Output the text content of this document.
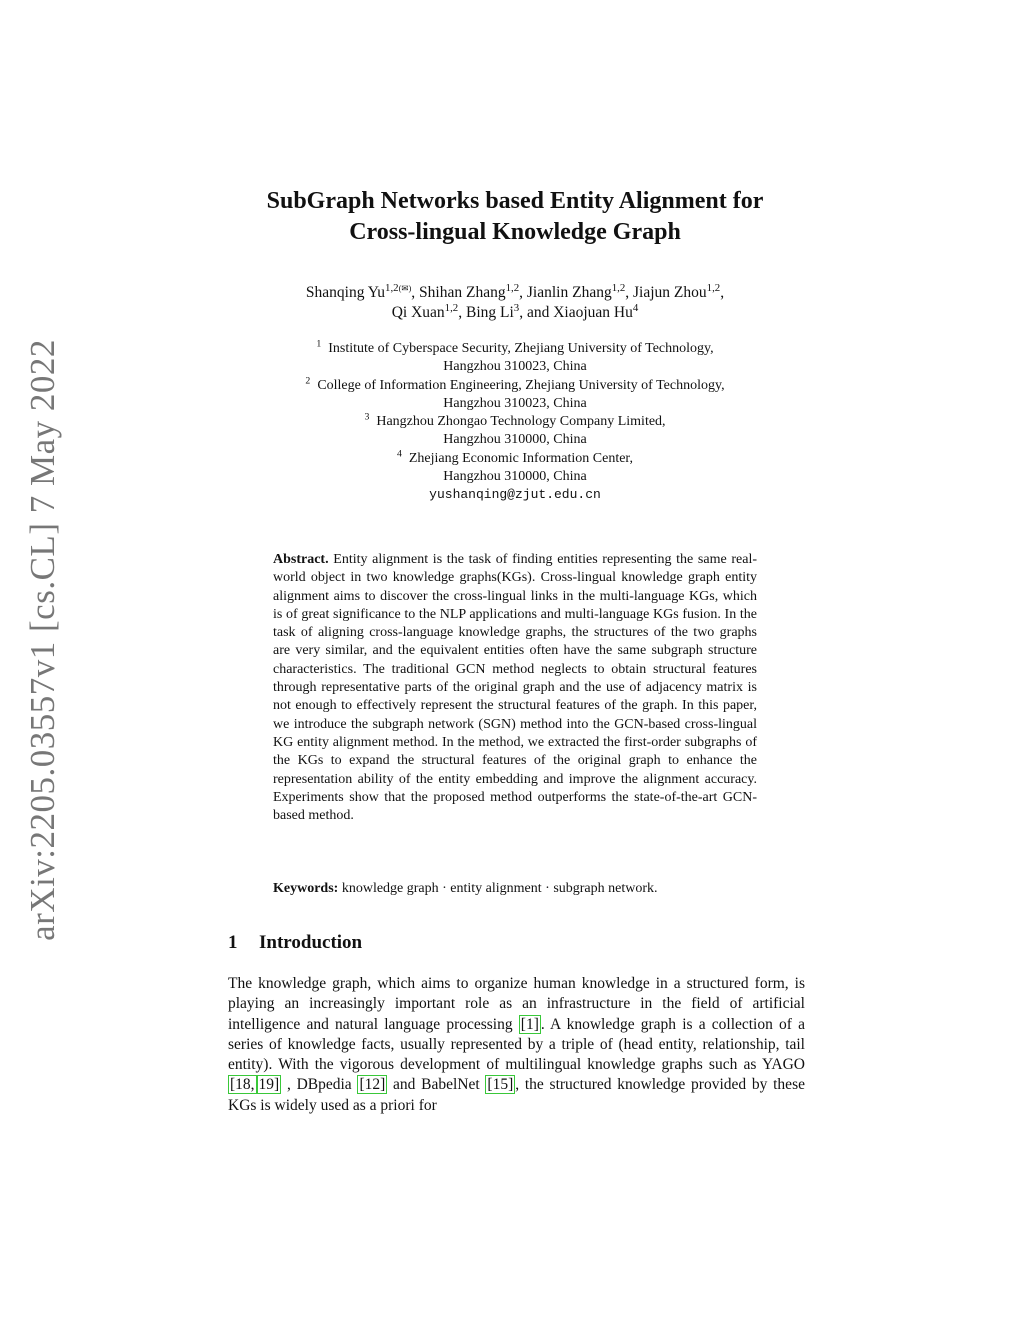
arXiv:2205.03557v1 [cs.CL] 7 May 2022
SubGraph Networks based Entity Alignment for
Cross-lingual Knowledge Graph
Shanqing $Yu^{1,2(✉)}$, Shihan Zhang$^{1,2}$, Jianlin Zhang$^{1,2}$, Jiajun Zhou$^{1,2}$,
Qi Xuan$^{1,2}$, Bing Li$^3$, and Xiaojuan Hu$^4$
$^1$ Institute of Cyberspace Security, Zhejiang University of Technology,
Hangzhou 310023, China
$^2$ College of Information Engineering, Zhejiang University of Technology,
Hangzhou 310023, China
$^3$ Hangzhou Zhongao Technology Company Limited,
Hangzhou 310000, China
$^4$ Zhejiang Economic Information Center,
Hangzhou 310000, China
yushanqing@zjut.edu.cn
Abstract. Entity alignment is the task of finding entities representing the same real-world object in two knowledge graphs(KGs). Cross-lingual knowledge graph entity alignment aims to discover the cross-lingual links in the multi-language KGs, which is of great significance to the NLP applications and multi-language KGs fusion. In the task of aligning cross-language knowledge graphs, the structures of the two graphs are very similar, and the equivalent entities often have the same subgraph structure characteristics. The traditional GCN method neglects to obtain structural features through representative parts of the original graph and the use of adjacency matrix is not enough to effectively represent the structural features of the graph. In this paper, we introduce the subgraph network (SGN) method into the GCN-based cross-lingual KG entity alignment method. In the method, we extracted the first-order subgraphs of the KGs to expand the structural features of the original graph to enhance the representation ability of the entity embedding and improve the alignment accuracy. Experiments show that the proposed method outperforms the state-of-the-art GCN-based method.
Keywords: knowledge graph · entity alignment · subgraph network.
1 Introduction
The knowledge graph, which aims to organize human knowledge in a structured form, is playing an increasingly important role as an infrastructure in the field of artificial intelligence and natural language processing [1] . A knowledge graph is a collection of a series of knowledge facts, usually represented by a triple of (head entity, relationship, tail entity). With the vigorous development of multilingual knowledge graphs such as YAGO [18, 19] , DBpedia [12] and BabelNet [15] , the structured knowledge provided by these KGs is widely used as a priori for
